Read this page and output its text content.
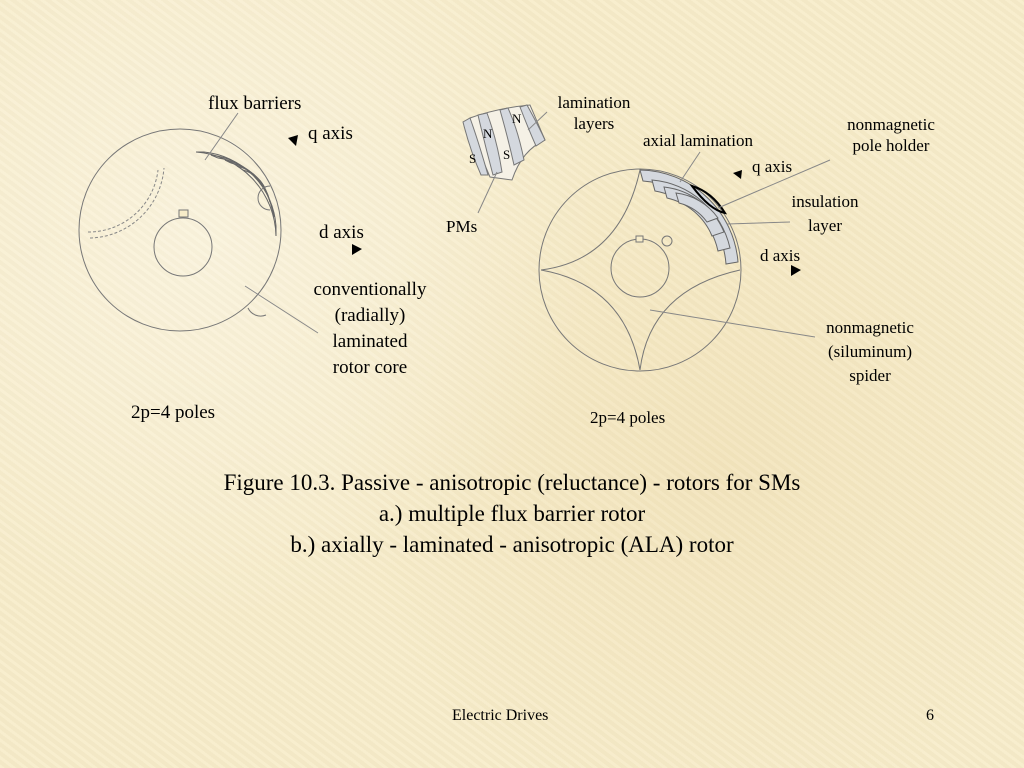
flux barriers
q axis
d axis
conventionally
(radially)
laminated
rotor core
2p=4 poles
lamination
layers
N
N
S S
PMs
axial lamination
nonmagnetic
pole holder
q axis
insulation
layer
d axis
nonmagnetic
(siluminum)
spider
2p=4 poles
Figure 10.3. Passive - anisotropic (reluctance) - rotors for SMs
a.) multiple flux barrier rotor
b.) axially - laminated - anisotropic (ALA) rotor
Electric Drives	6
